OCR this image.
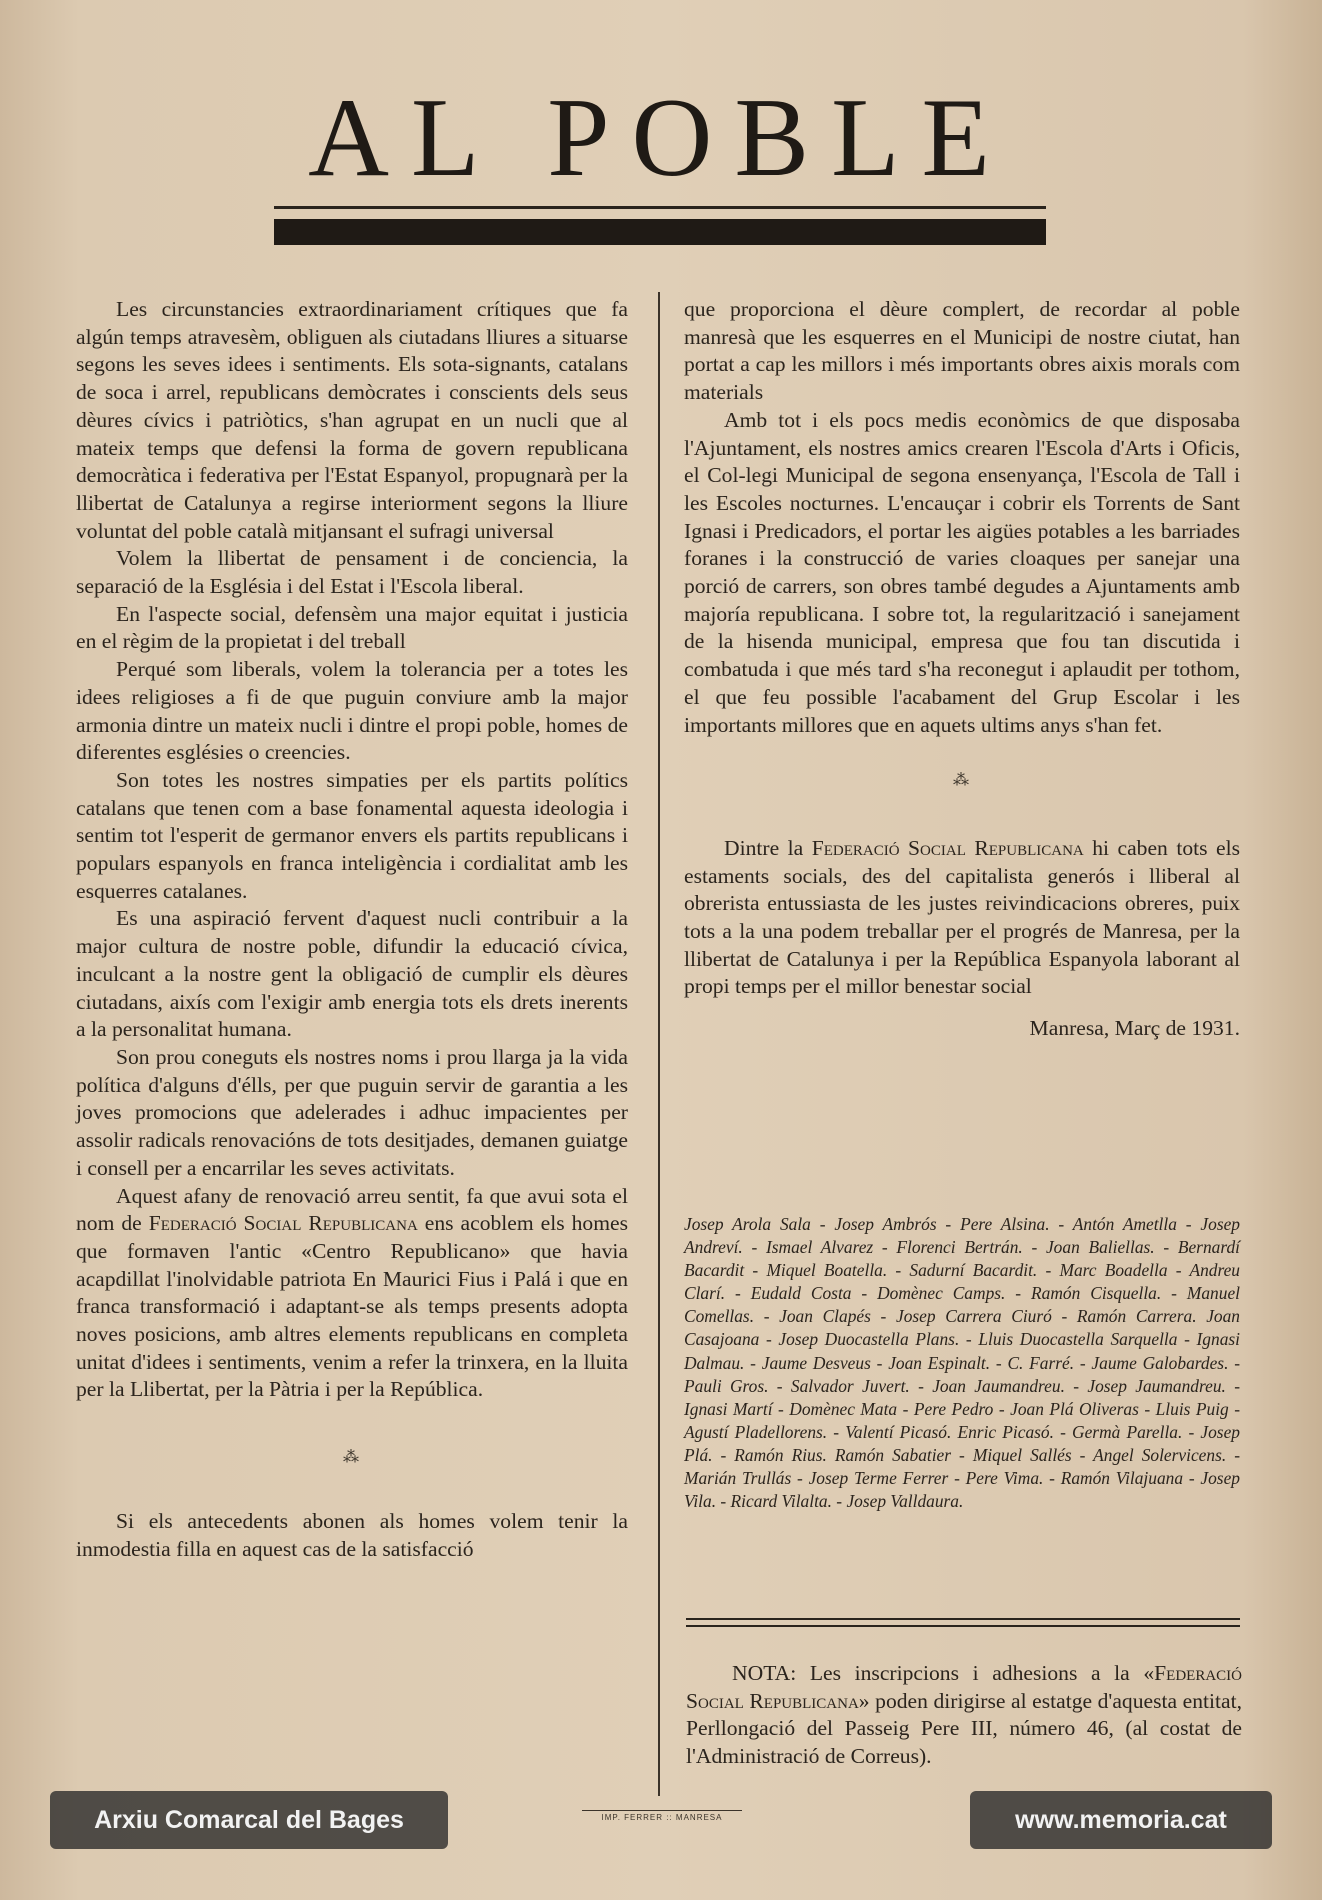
AL POBLE

Les circunstancies extraordinariament crítiques que fa algún temps atravesèm, obliguen als ciutadans lliures a situarse segons les seves idees i sentiments. Els sota-signants, catalans de soca i arrel, republicans demòcrates i conscients dels seus dèures cívics i patriòtics, s'han agrupat en un nucli que al mateix temps que defensi la forma de govern republicana democràtica i federativa per l'Estat Espanyol, propugnarà per la llibertat de Catalunya a regirse interiorment segons la lliure voluntat del poble català mitjansant el sufragi universal

Volem la llibertat de pensament i de conciencia, la separació de la Església i del Estat i l'Escola liberal.

En l'aspecte social, defensèm una major equitat i justicia en el règim de la propietat i del treball

Perqué som liberals, volem la tolerancia per a totes les idees religioses a fi de que puguin conviure amb la major armonia dintre un mateix nucli i dintre el propi poble, homes de diferentes esglésies o creencies.

Son totes les nostres simpaties per els partits polítics catalans que tenen com a base fonamental aquesta ideologia i sentim tot l'esperit de germanor envers els partits republicans i populars espanyols en franca inteligència i cordialitat amb les esquerres catalanes.

Es una aspiració fervent d'aquest nucli contribuir a la major cultura de nostre poble, difundir la educació cívica, inculcant a la nostre gent la obligació de cumplir els dèures ciutadans, aixís com l'exigir amb energia tots els drets inerents a la personalitat humana.

Son prou coneguts els nostres noms i prou llarga ja la vida política d'alguns d'élls, per que puguin servir de garantia a les joves promocions que adelerades i adhuc impacientes per assolir radicals renovacións de tots desitjades, demanen guiatge i consell per a encarrilar les seves activitats.

Aquest afany de renovació arreu sentit, fa que avui sota el nom de Federació Social Republicana ens acoblem els homes que formaven l'antic «Centro Republicano» que havia acapdillat l'inolvidable patriota En Maurici Fius i Palá i que en franca transformació i adaptant-se als temps presents adopta noves posicions, amb altres elements republicans en completa unitat d'idees i sentiments, venim a refer la trinxera, en la lluita per la Llibertat, per la Pàtria i per la República.

⁂

Si els antecedents abonen als homes volem tenir la inmodestia filla en aquest cas de la satisfacció

que proporciona el dèure complert, de recordar al poble manresà que les esquerres en el Municipi de nostre ciutat, han portat a cap les millors i més importants obres aixis morals com materials

Amb tot i els pocs medis econòmics de que disposaba l'Ajuntament, els nostres amics crearen l'Escola d'Arts i Oficis, el Col-legi Municipal de segona ensenyança, l'Escola de Tall i les Escoles nocturnes. L'encauçar i cobrir els Torrents de Sant Ignasi i Predicadors, el portar les aigües potables a les barriades foranes i la construcció de varies cloaques per sanejar una porció de carrers, son obres també degudes a Ajuntaments amb majoría republicana. I sobre tot, la regularització i sanejament de la hisenda municipal, empresa que fou tan discutida i combatuda i que més tard s'ha reconegut i aplaudit per tothom, el que feu possible l'acabament del Grup Escolar i les importants millores que en aquets ultims anys s'han fet.

⁂

Dintre la Federació Social Republicana hi caben tots els estaments socials, des del capitalista generós i lliberal al obrerista entussiasta de les justes reivindicacions obreres, puix tots a la una podem treballar per el progrés de Manresa, per la llibertat de Catalunya i per la República Espanyola laborant al propi temps per el millor benestar social

Manresa, Març de 1931.

Josep Arola Sala - Josep Ambrós - Pere Alsina. - Antón Ametlla - Josep Andreví. - Ismael Alvarez - Florenci Bertrán. - Joan Baliellas. - Bernardí Bacardit - Miquel Boatella. - Sadurní Bacardit. - Marc Boadella - Andreu Clarí. - Eudald Costa - Domènec Camps. - Ramón Cisquella. - Manuel Comellas. - Joan Clapés - Josep Carrera Ciuró - Ramón Carrera. Joan Casajoana - Josep Duocastella Plans. - Lluis Duocastella Sarquella - Ignasi Dalmau. - Jaume Desveus - Joan Espinalt. - C. Farré. - Jaume Galobardes. - Pauli Gros. - Salvador Juvert. - Joan Jaumandreu. - Josep Jaumandreu. - Ignasi Martí - Domènec Mata - Pere Pedro - Joan Plá Oliveras - Lluis Puig - Agustí Pladellorens. - Valentí Picasó. Enric Picasó. - Germà Parella. - Josep Plá. - Ramón Rius. Ramón Sabatier - Miquel Sallés - Angel Solervicens. - Marián Trullás - Josep Terme Ferrer - Pere Vima. - Ramón Vilajuana - Josep Vila. - Ricard Vilalta. - Josep Valldaura.
NOTA: Les inscripcions i adhesions a la «Federació Social Republicana» poden dirigirse al estatge d'aquesta entitat, Perllongació del Passeig Pere III, número 46, (al costat de l'Administració de Correus).
IMP. FERRER :: MANRESA
Arxiu Comarcal del Bages	www.memoria.cat
